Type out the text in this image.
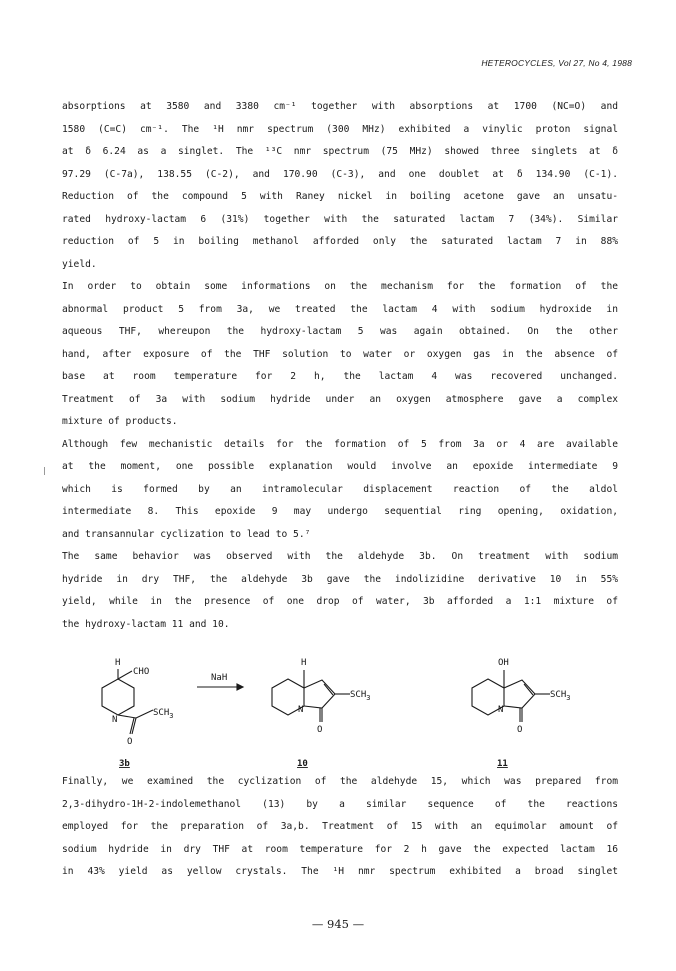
HETEROCYCLES, Vol 27, No 4, 1988
absorptions at 3580 and 3380 cm⁻¹ together with absorptions at 1700 (NC=O) and
1580 (C=C) cm⁻¹. The ¹H nmr spectrum (300 MHz) exhibited a vinylic proton signal
at δ 6.24 as a singlet. The ¹³C nmr spectrum (75 MHz) showed three singlets at δ
97.29 (C-7a), 138.55 (C-2), and 170.90 (C-3), and one doublet at δ 134.90 (C-1).
Reduction of the compound 5 with Raney nickel in boiling acetone gave an unsatu-
rated hydroxy-lactam 6 (31%) together with the saturated lactam 7 (34%). Similar
reduction of 5 in boiling methanol afforded only the saturated lactam 7 in 88%
yield.
In order to obtain some informations on the mechanism for the formation of the
abnormal product 5 from 3a, we treated the lactam 4 with sodium hydroxide in
aqueous THF, whereupon the hydroxy-lactam 5 was again obtained. On the other
hand, after exposure of the THF solution to water or oxygen gas in the absence of
base at room temperature for 2 h, the lactam 4 was recovered unchanged.
Treatment of 3a with sodium hydride under an oxygen atmosphere gave a complex
mixture of products.
Although few mechanistic details for the formation of 5 from 3a or 4 are available
at the moment, one possible explanation would involve an epoxide intermediate 9
which is formed by an intramolecular displacement reaction of the aldol
intermediate 8. This epoxide 9 may undergo sequential ring opening, oxidation,
and transannular cyclization to lead to 5.⁷
The same behavior was observed with the aldehyde 3b. On treatment with sodium
hydride in dry THF, the aldehyde 3b gave the indolizidine derivative 10 in 55%
yield, while in the presence of one drop of water, 3b afforded a 1:1 mixture of
the hydroxy-lactam 11 and 10.
H
CHO
N
O
$SCH_3$
3b
NaH
H
N
O
$SCH_3$
10
OH
N
O
$SCH_3$
11
Finally, we examined the cyclization of the aldehyde 15, which was prepared from
2,3-dihydro-1H-2-indolemethanol (13) by a similar sequence of the reactions
employed for the preparation of 3a,b. Treatment of 15 with an equimolar amount of
sodium hydride in dry THF at room temperature for 2 h gave the expected lactam 16
in 43% yield as yellow crystals. The ¹H nmr spectrum exhibited a broad singlet
— 945 —
